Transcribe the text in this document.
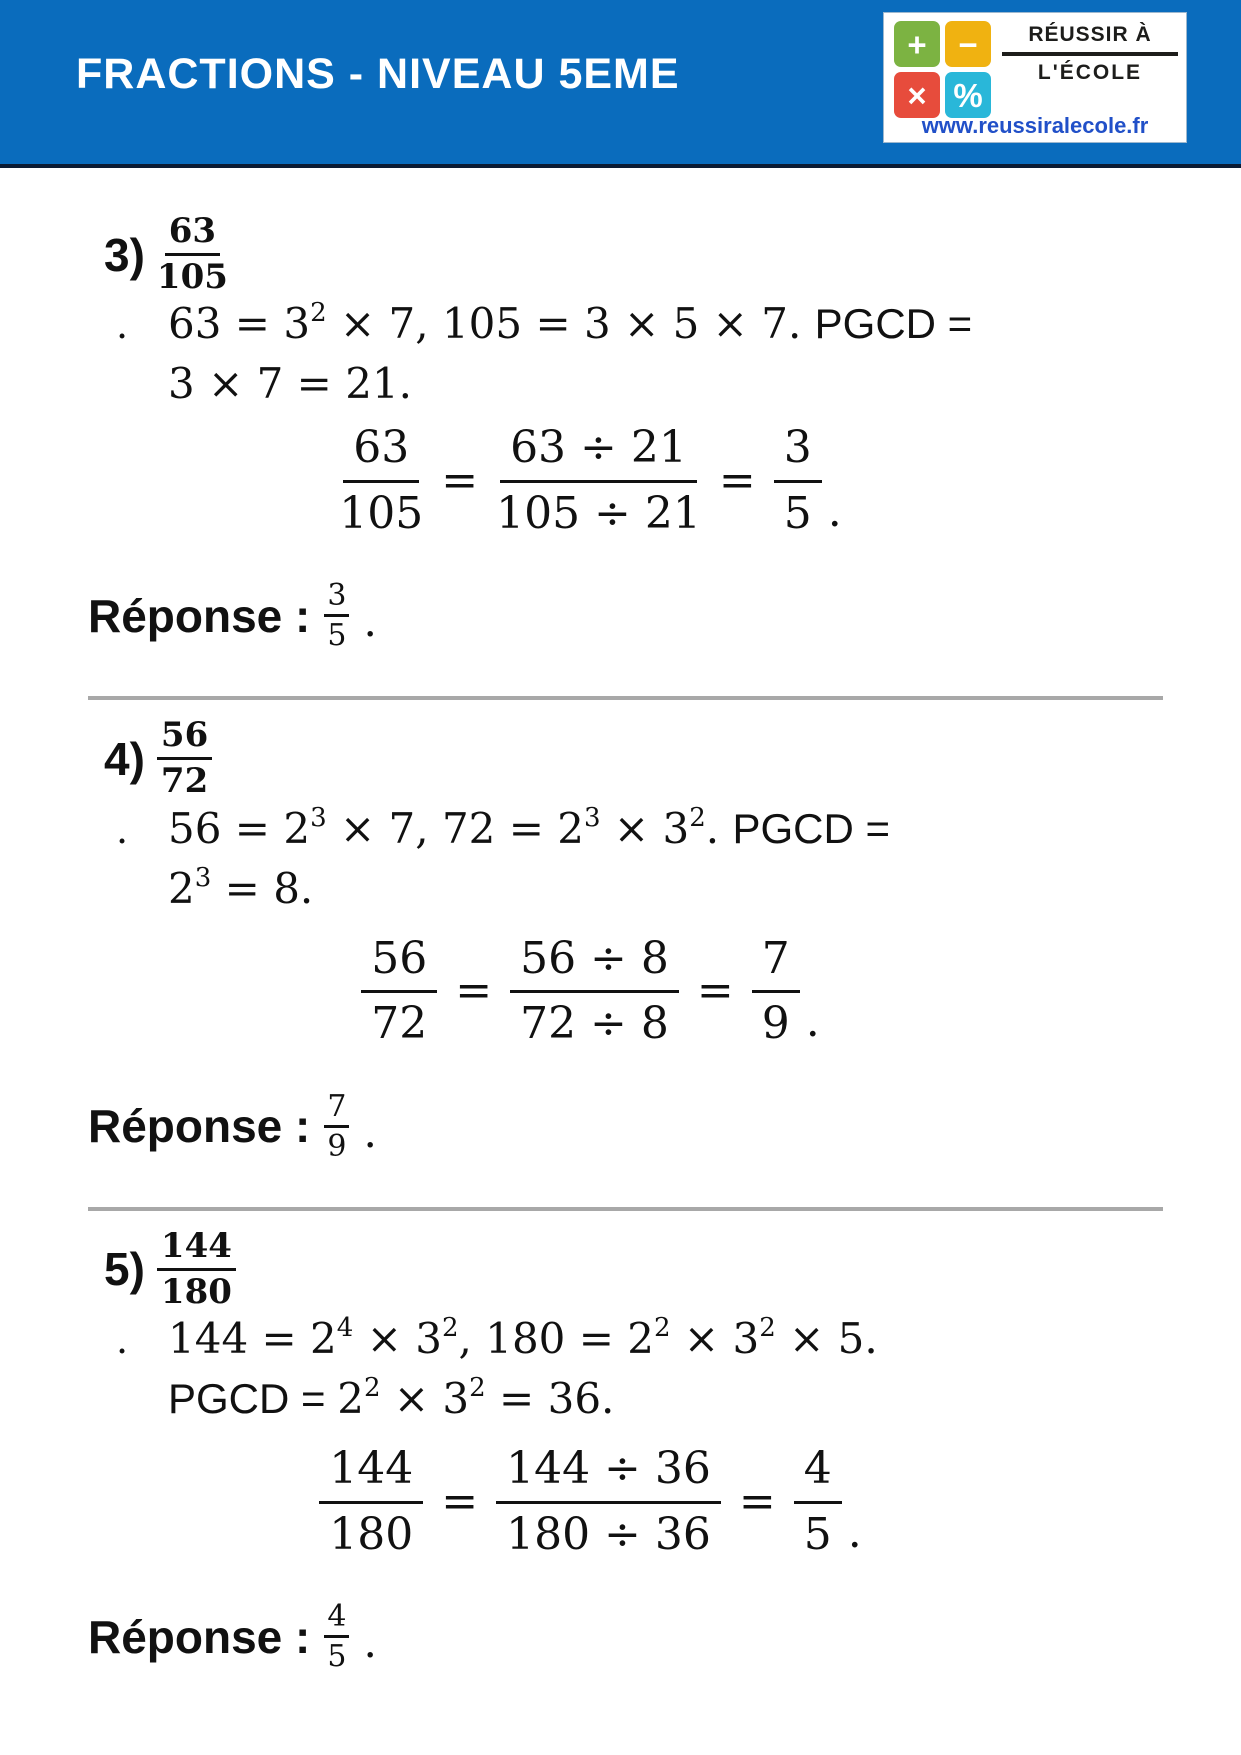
FRACTIONS - NIVEAU 5EME
+ −
× %
RÉUSSIR À
L'ÉCOLE
www.reussiralecole.fr
$3) \frac{63}{105}$
. $63 = 3^2 \times 7$, 105 = 3 × 5 × 7. PGCD =
3 × 7 = 21.
$\frac{63}{105} = \frac{63 \div 21}{105 \div 21} = \frac{3}{5}$ .
Réponse : $\frac{3}{5}$ .
$4) \frac{56}{72}$
. $56 = 2^3 \times 7$, $72 = 2^3 \times 3^2$. PGCD =
$2^3 = 8$.
$\frac{56}{72} = \frac{56 \div 8}{72 \div 8} = \frac{7}{9}$ .
Réponse : $\frac{7}{9}$ .
$5) \frac{144}{180}$
. $144 = 2^4 \times 3^2$, $180 = 2^2 \times 3^2 \times 5$.
PGCD = $2^2 \times 3^2 = 36$.
$\frac{144}{180} = \frac{144 \div 36}{180 \div 36} = \frac{4}{5}$ .
Réponse : $\frac{4}{5}$ .
